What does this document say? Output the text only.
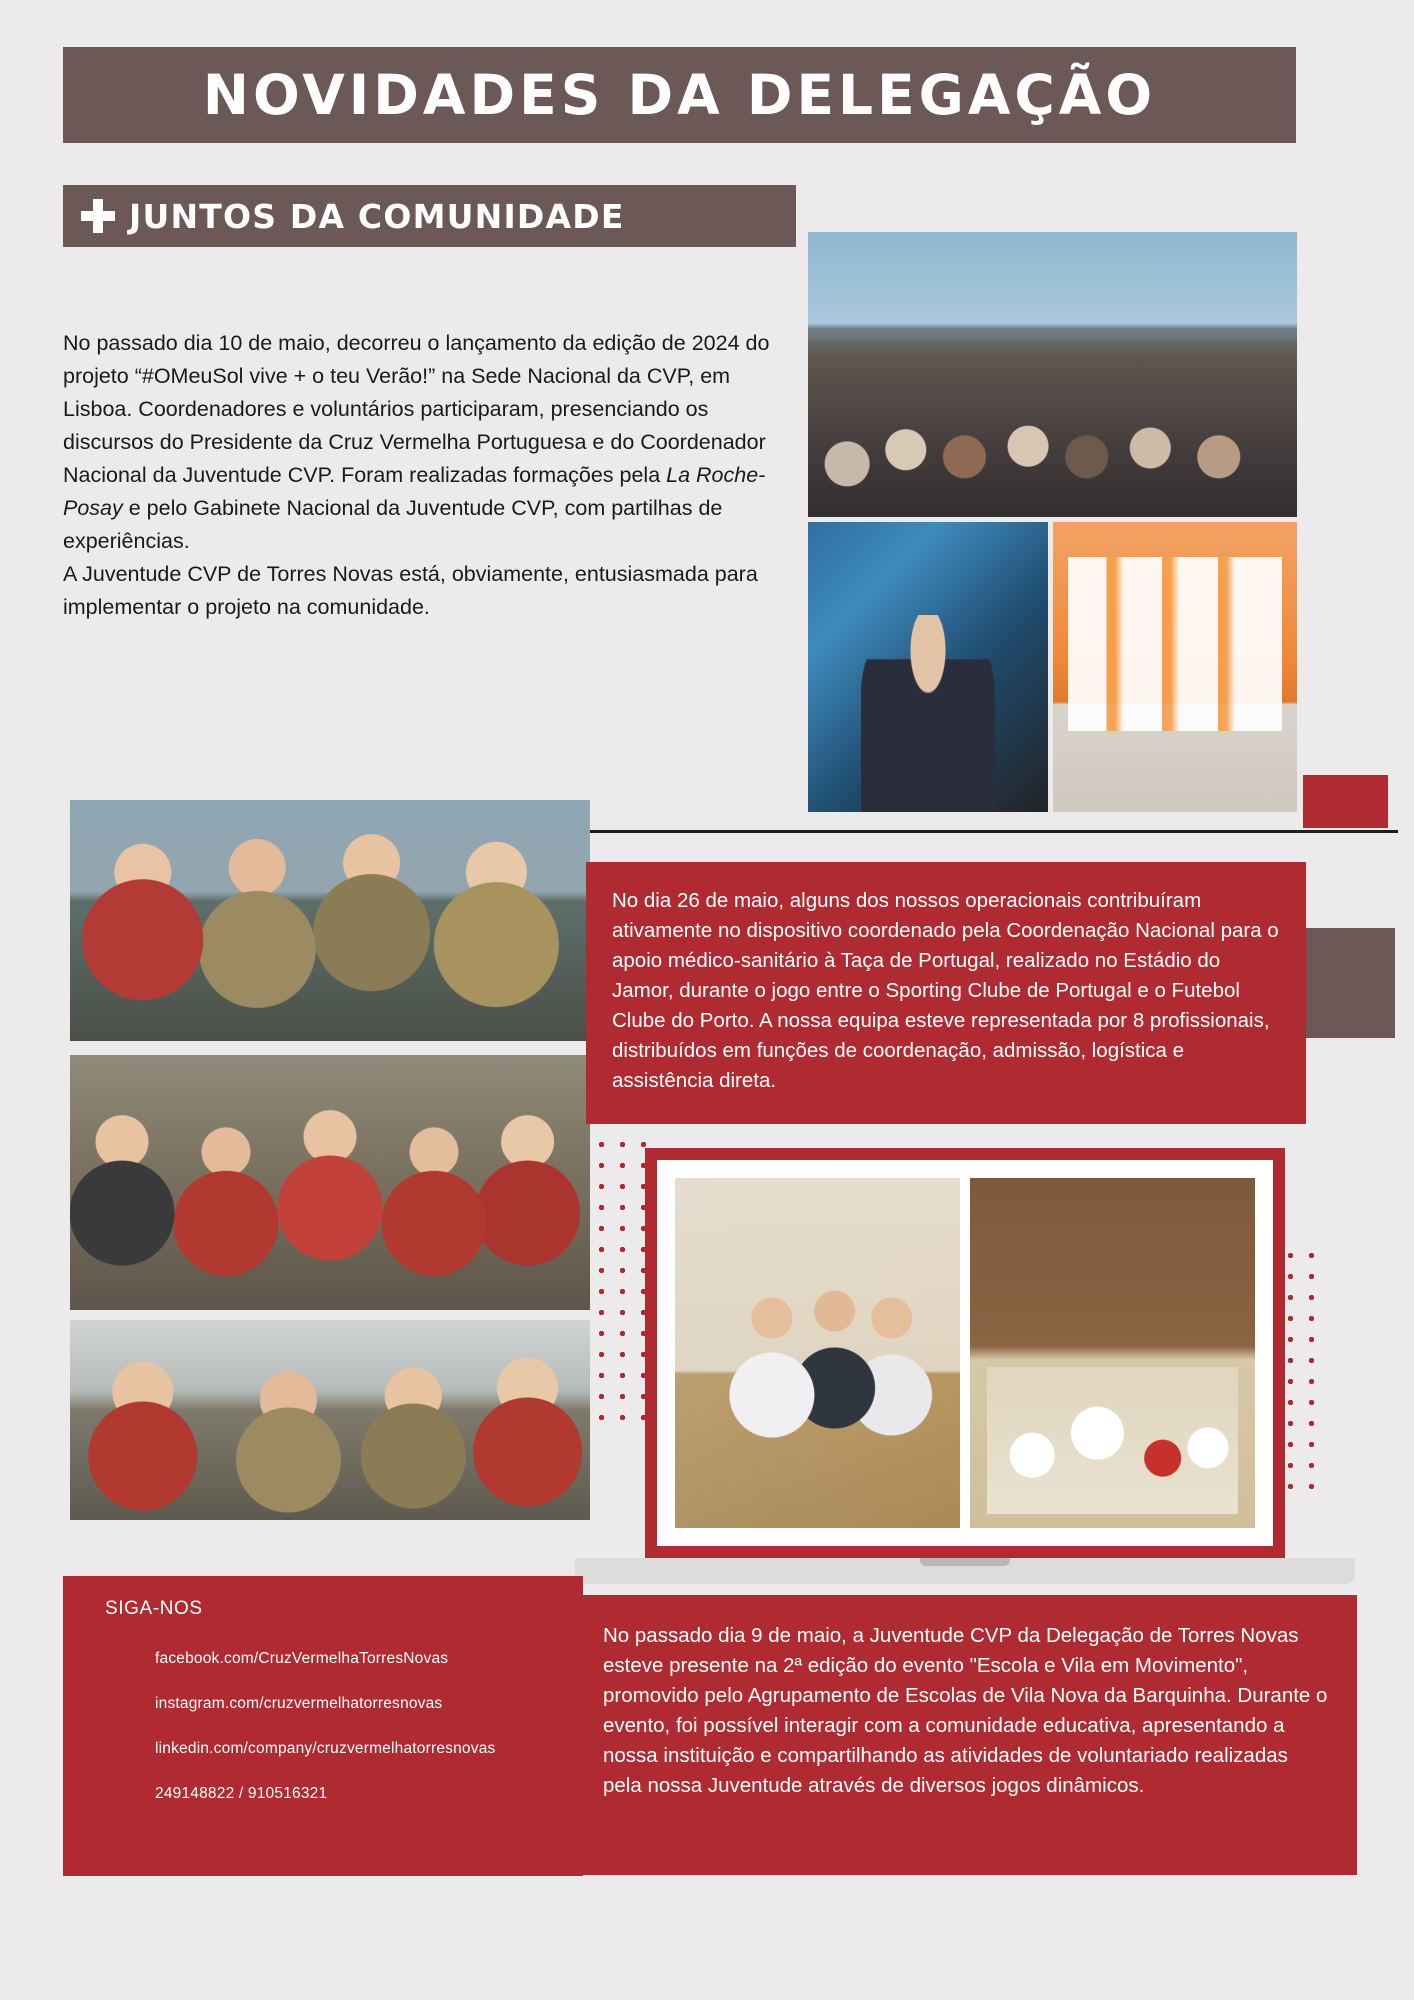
NOVIDADES DA DELEGAÇÃO
JUNTOS DA COMUNIDADE
No passado dia 10 de maio, decorreu o lançamento da edição de 2024 do projeto “#OMeuSol vive + o teu Verão!” na Sede Nacional da CVP, em Lisboa. Coordenadores e voluntários participaram, presenciando os discursos do Presidente da Cruz Vermelha Portuguesa e do Coordenador Nacional da Juventude CVP. Foram realizadas formações pela La Roche-Posay e pelo Gabinete Nacional da Juventude CVP, com partilhas de experiências.
A Juventude CVP de Torres Novas está, obviamente, entusiasmada para implementar o projeto na comunidade.

No dia 26 de maio, alguns dos nossos operacionais contribuíram ativamente no dispositivo coordenado pela Coordenação Nacional para o apoio médico-sanitário à Taça de Portugal, realizado no Estádio do Jamor, durante o jogo entre o Sporting Clube de Portugal e o Futebol Clube do Porto. A nossa equipa esteve representada por 8 profissionais, distribuídos em funções de coordenação, admissão, logística e assistência direta.

SIGA-NOS
facebook.com/CruzVermelhaTorresNovas
instagram.com/cruzvermelhatorresnovas
linkedin.com/company/cruzvermelhatorresnovas
249148822 / 910516321

No passado dia 9 de maio, a Juventude CVP da Delegação de Torres Novas esteve presente na 2ª edição do evento "Escola e Vila em Movimento", promovido pelo Agrupamento de Escolas de Vila Nova da Barquinha. Durante o evento, foi possível interagir com a comunidade educativa, apresentando a nossa instituição e compartilhando as atividades de voluntariado realizadas pela nossa Juventude através de diversos jogos dinâmicos.
